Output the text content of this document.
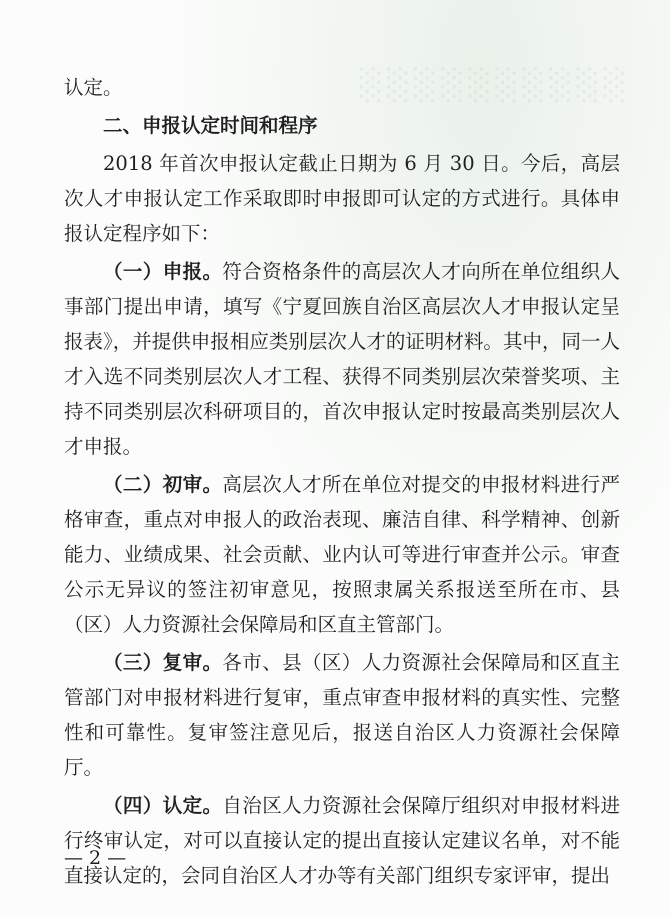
░░░░░░░░░░

认定。

二、申报认定时间和程序

2018 年首次申报认定截止日期为 6 月 30 日。今后，高层次人才申报认定工作采取即时申报即可认定的方式进行。具体申报认定程序如下：

（一）申报。符合资格条件的高层次人才向所在单位组织人事部门提出申请，填写《宁夏回族自治区高层次人才申报认定呈报表》，并提供申报相应类别层次人才的证明材料。其中，同一人才入选不同类别层次人才工程、获得不同类别层次荣誉奖项、主持不同类别层次科研项目的，首次申报认定时按最高类别层次人才申报。

（二）初审。高层次人才所在单位对提交的申报材料进行严格审查，重点对申报人的政治表现、廉洁自律、科学精神、创新能力、业绩成果、社会贡献、业内认可等进行审查并公示。审查公示无异议的签注初审意见，按照隶属关系报送至所在市、县（区）人力资源社会保障局和区直主管部门。

（三）复审。各市、县（区）人力资源社会保障局和区直主管部门对申报材料进行复审，重点审查申报材料的真实性、完整性和可靠性。复审签注意见后，报送自治区人力资源社会保障厅。

（四）认定。自治区人力资源社会保障厅组织对申报材料进行终审认定，对可以直接认定的提出直接认定建议名单，对不能直接认定的，会同自治区人才办等有关部门组织专家评审，提出

— 2 —
